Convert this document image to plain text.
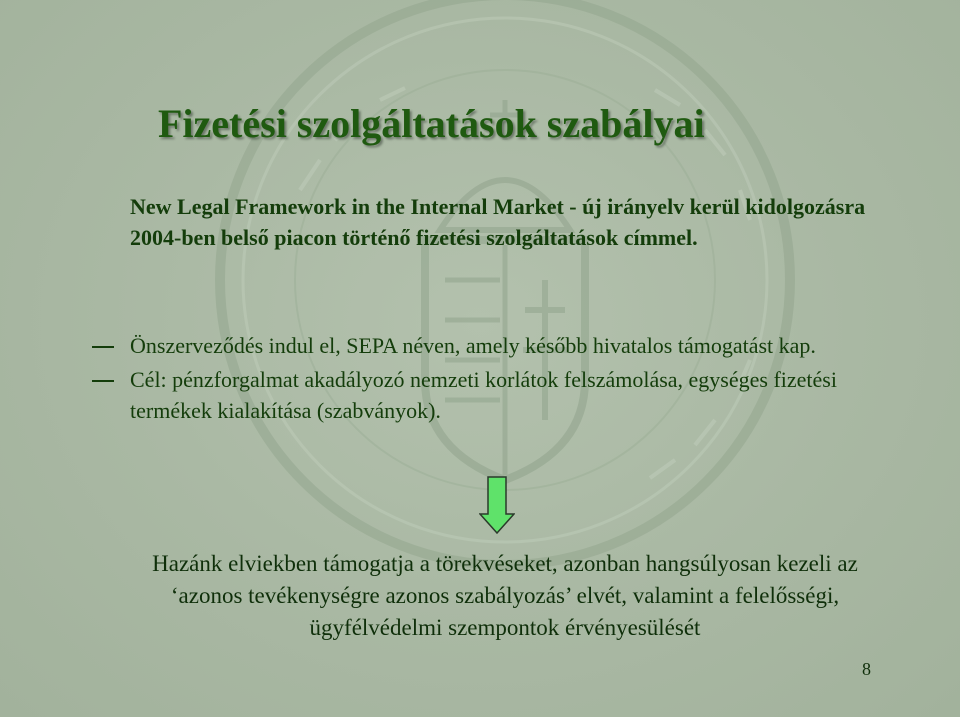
Fizetési szolgáltatások szabályai

New Legal Framework in the Internal Market - új irányelv kerül kidolgozásra 2004-ben belső piacon történő fizetési szolgáltatások címmel.

Önszerveződés indul el, SEPA néven, amely később hivatalos támogatást kap.
Cél: pénzforgalmat akadályozó nemzeti korlátok felszámolása, egységes fizetési termékek kialakítása (szabványok).

Hazánk elviekben támogatja a törekvéseket, azonban hangsúlyosan kezeli az ‘azonos tevékenységre azonos szabályozás’ elvét, valamint a felelősségi, ügyfélvédelmi szempontok érvényesülését

8
